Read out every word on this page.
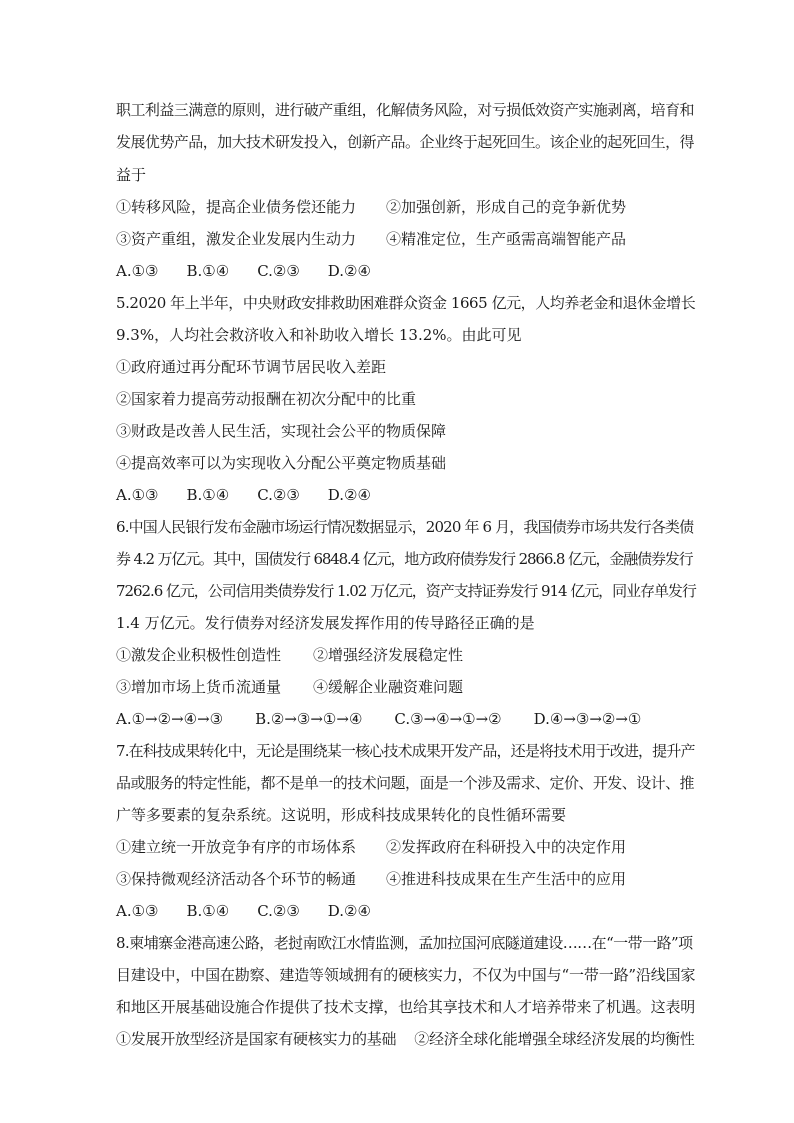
职工利益三满意的原则，进行破产重组，化解债务风险，对亏损低效资产实施剥离，培育和
发展优势产品，加大技术研发投入，创新产品。企业终于起死回生。该企业的起死回生，得
益于
①转移风险，提高企业债务偿还能力 ②加强创新，形成自己的竞争新优势
③资产重组，激发企业发展内生动力 ④精准定位，生产亟需高端智能产品
A.①③ B.①④ C.②③ D.②④
5.2020 年上半年，中央财政安排救助困难群众资金 1665 亿元，人均养老金和退休金增长
9.3%，人均社会救济收入和补助收入增长 13.2%。由此可见
①政府通过再分配环节调节居民收入差距
②国家着力提高劳动报酬在初次分配中的比重
③财政是改善人民生活，实现社会公平的物质保障
④提高效率可以为实现收入分配公平奠定物质基础
A.①③ B.①④ C.②③ D.②④
6.中国人民银行发布金融市场运行情况数据显示，2020 年 6 月，我国债券市场共发行各类债
券 4.2 万亿元。其中，国债发行 6848.4 亿元，地方政府债券发行 2866.8 亿元，金融债券发行
7262.6 亿元，公司信用类债券发行 1.02 万亿元，资产支持证券发行 914 亿元，同业存单发行
1.4 万亿元。发行债券对经济发展发挥作用的传导路径正确的是
①激发企业积极性创造性 ②增强经济发展稳定性
③增加市场上货币流通量 ④缓解企业融资难问题
A.①→②→④→③ B.②→③→①→④ C.③→④→①→② D.④→③→②→①
7.在科技成果转化中，无论是围绕某一核心技术成果开发产品，还是将技术用于改进，提升产
品或服务的特定性能，都不是单一的技术问题，面是一个涉及需求、定价、开发、设计、推
广等多要素的复杂系统。这说明，形成科技成果转化的良性循环需要
①建立统一开放竞争有序的市场体系 ②发挥政府在科研投入中的决定作用
③保持微观经济活动各个环节的畅通 ④推进科技成果在生产生活中的应用
A.①③ B.①④ C.②③ D.②④
8.柬埔寨金港高速公路，老挝南欧江水情监测，孟加拉国河底隧道建设……在“一带一路”项
目建设中，中国在勘察、建造等领域拥有的硬核实力，不仅为中国与“一带一路”沿线国家
和地区开展基础设施合作提供了技术支撑，也给其享技术和人才培养带来了机遇。这表明
①发展开放型经济是国家有硬核实力的基础 ②经济全球化能增强全球经济发展的均衡性
